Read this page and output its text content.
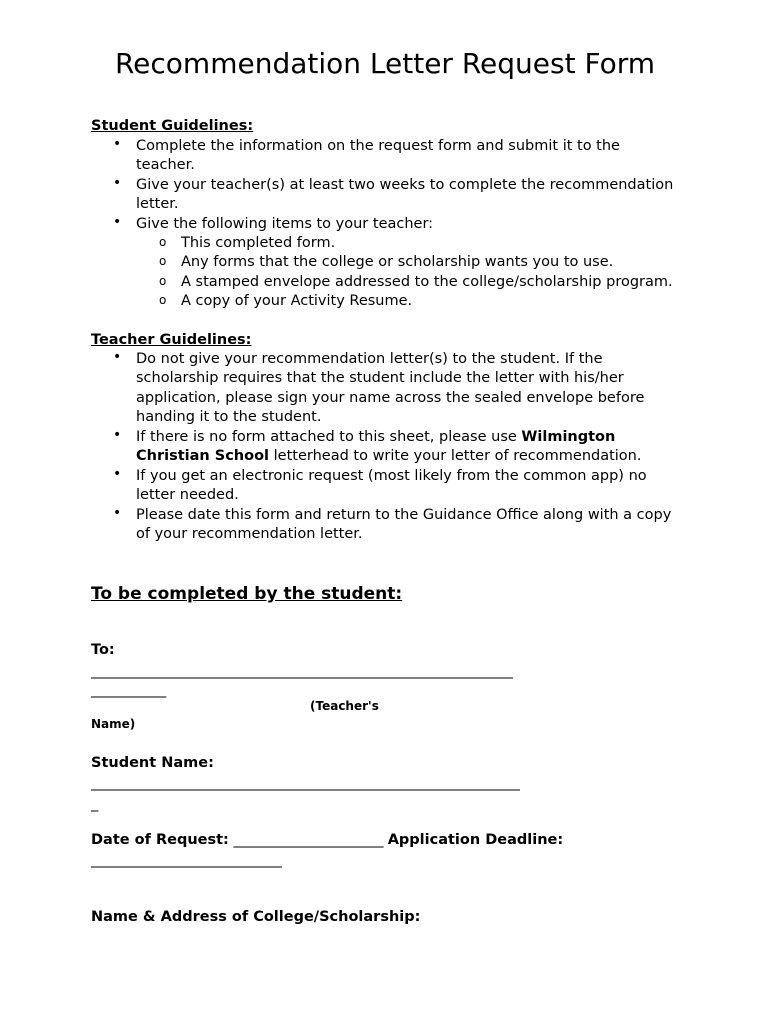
Recommendation Letter Request Form
Student Guidelines:
• Complete the information on the request form and submit it to the
teacher.
• Give your teacher(s) at least two weeks to complete the recommendation
letter.
• Give the following items to your teacher:
o This completed form.
o Any forms that the college or scholarship wants you to use.
o A stamped envelope addressed to the college/scholarship program.
o A copy of your Activity Resume.
Teacher Guidelines:
• Do not give your recommendation letter(s) to the student. If the
scholarship requires that the student include the letter with his/her
application, please sign your name across the sealed envelope before
handing it to the student.
• If there is no form attached to this sheet, please use Wilmington
Christian School letterhead to write your letter of recommendation.
• If you get an electronic request (most likely from the common app) no
letter needed.
• Please date this form and return to the Guidance Office along with a copy
of your recommendation letter.
To be completed by the student:
To:
______________________________________________________________
___________
(Teacher's
Name)
Student Name:
_______________________________________________________________
_
Date of Request: ______________________ Application Deadline:
____________________________
Name & Address of College/Scholarship:
